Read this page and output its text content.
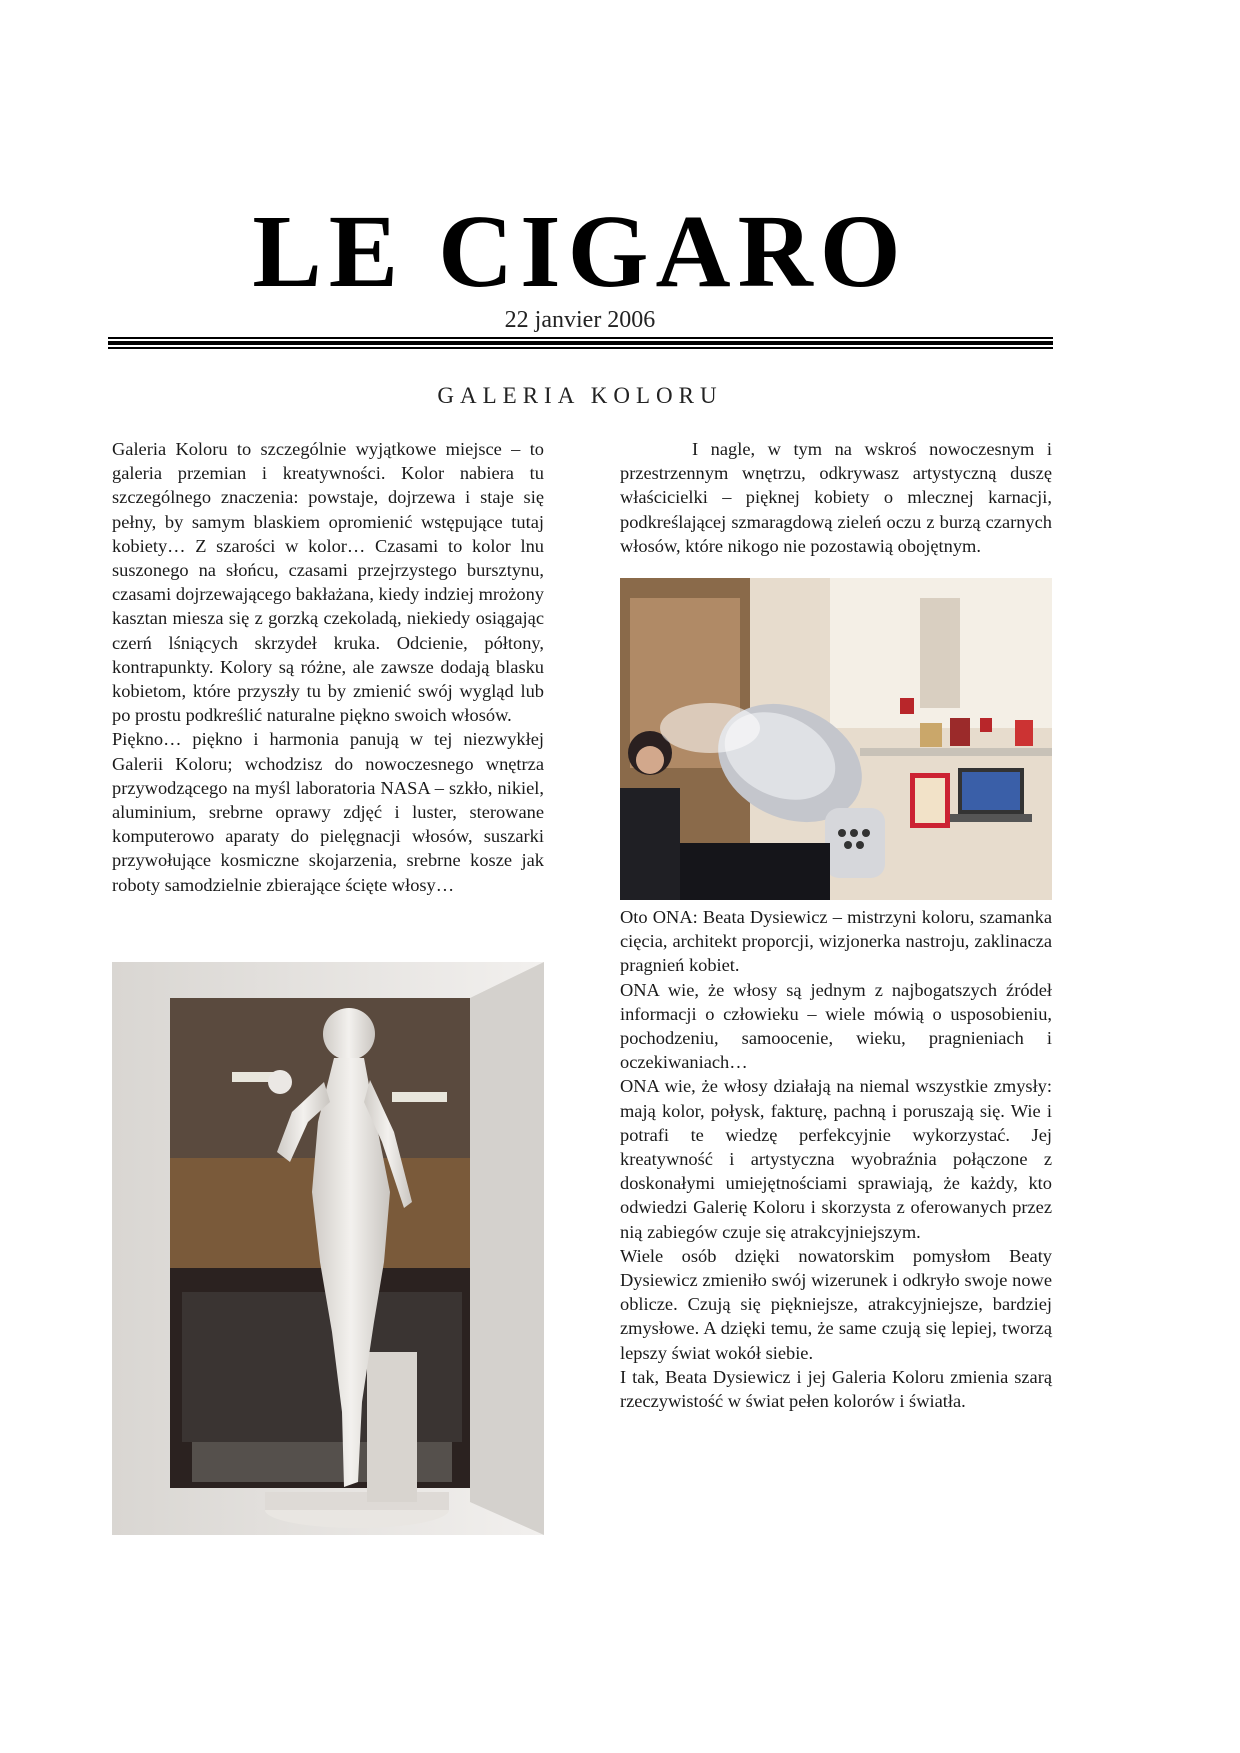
LE CIGARO
22 janvier 2006
GALERIA KOLORU

Galeria Koloru to szczególnie wyjątkowe miejsce – to galeria przemian i kreatywności. Kolor nabiera tu szczególnego znaczenia: powstaje, dojrzewa i staje się pełny, by samym blaskiem opromienić wstępujące tutaj kobiety… Z szarości w kolor… Czasami to kolor lnu suszonego na słońcu, czasami przejrzystego bursztynu, czasami dojrzewającego bakłażana, kiedy indziej mrożony kasztan miesza się z gorzką czekoladą, niekiedy osiągając czerń lśniących skrzydeł kruka. Odcienie, półtony, kontrapunkty. Kolory są różne, ale zawsze dodają blasku kobietom, które przyszły tu by zmienić swój wygląd lub po prostu podkreślić naturalne piękno swoich włosów.

Piękno… piękno i harmonia panują w tej niezwykłej Galerii Koloru; wchodzisz do nowoczesnego wnętrza przywodzącego na myśl laboratoria NASA – szkło, nikiel, aluminium, srebrne oprawy zdjęć i luster, sterowane komputerowo aparaty do pielęgnacji włosów, suszarki przywołujące kosmiczne skojarzenia, srebrne kosze jak roboty samodzielnie zbierające ścięte włosy…

I nagle, w tym na wskroś nowoczesnym i przestrzennym wnętrzu, odkrywasz artystyczną duszę właścicielki – pięknej kobiety o mlecznej karnacji, podkreślającej szmaragdową zieleń oczu z burzą czarnych włosów, które nikogo nie pozostawią obojętnym.

Oto ONA: Beata Dysiewicz – mistrzyni koloru, szamanka cięcia, architekt proporcji, wizjonerka nastroju, zaklinacza pragnień kobiet.

ONA wie, że włosy są jednym z najbogatszych źródeł informacji o człowieku – wiele mówią o usposobieniu, pochodzeniu, samoocenie, wieku, pragnieniach i oczekiwaniach…

ONA wie, że włosy działają na niemal wszystkie zmysły: mają kolor, połysk, fakturę, pachną i poruszają się. Wie i potrafi te wiedzę perfekcyjnie wykorzystać. Jej kreatywność i artystyczna wyobraźnia połączone z doskonałymi umiejętnościami sprawiają, że każdy, kto odwiedzi Galerię Koloru i skorzysta z oferowanych przez nią zabiegów czuje się atrakcyjniejszym.

Wiele osób dzięki nowatorskim pomysłom Beaty Dysiewicz zmieniło swój wizerunek i odkryło swoje nowe oblicze. Czują się piękniejsze, atrakcyjniejsze, bardziej zmysłowe. A dzięki temu, że same czują się lepiej, tworzą lepszy świat wokół siebie.

I tak, Beata Dysiewicz i jej Galeria Koloru zmienia szarą rzeczywistość w świat pełen kolorów i światła.
